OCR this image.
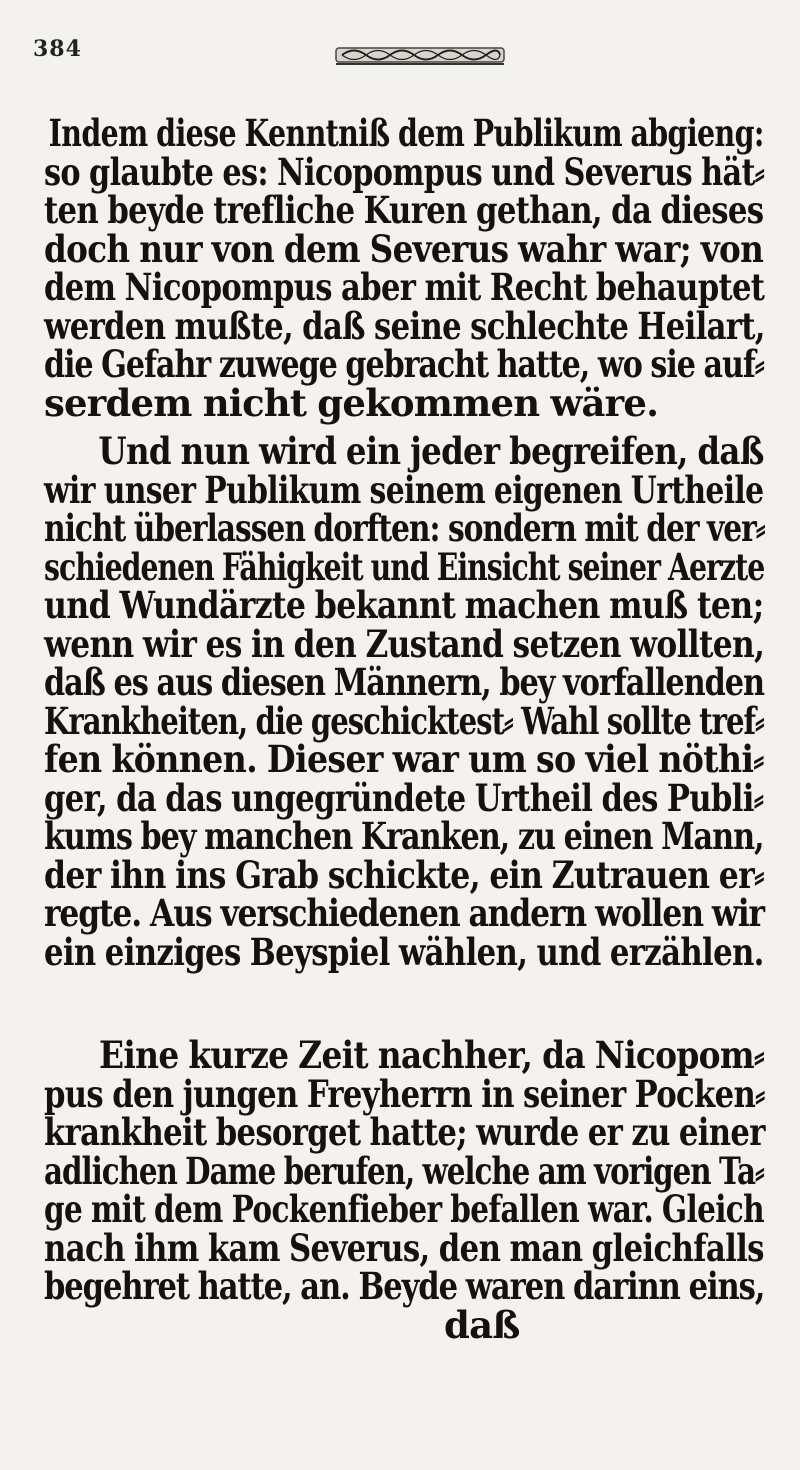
384
Indem diese Kenntniß dem Publikum abgieng:
so glaubte es: Nicopompus und Severus hät⸗
ten beyde trefliche Kuren gethan, da dieses
doch nur von dem Severus wahr war; von
dem Nicopompus aber mit Recht behauptet
werden mußte, daß seine schlechte Heilart,
die Gefahr zuwege gebracht hatte, wo sie auf⸗
serdem nicht gekommen wäre.
Und nun wird ein jeder begreifen, daß
wir unser Publikum seinem eigenen Urtheile
nicht überlassen dorften: sondern mit der ver⸗
schiedenen Fähigkeit und Einsicht seiner Aerzte
und Wundärzte bekannt machen muß ten;
wenn wir es in den Zustand setzen wollten,
daß es aus diesen Männern, bey vorfallenden
Krankheiten, die geschicktest⸗ Wahl sollte tref⸗
fen können. Dieser war um so viel nöthi⸗
ger, da das ungegründete Urtheil des Publi⸗
kums bey manchen Kranken, zu einen Mann,
der ihn ins Grab schickte, ein Zutrauen er⸗
regte. Aus verschiedenen andern wollen wir
ein einziges Beyspiel wählen, und erzählen.
Eine kurze Zeit nachher, da Nicopom⸗
pus den jungen Freyherrn in seiner Pocken⸗
krankheit besorget hatte; wurde er zu einer
adlichen Dame berufen, welche am vorigen Ta⸗
ge mit dem Pockenfieber befallen war. Gleich
nach ihm kam Severus, den man gleichfalls
begehret hatte, an. Beyde waren darinn eins,
daß
